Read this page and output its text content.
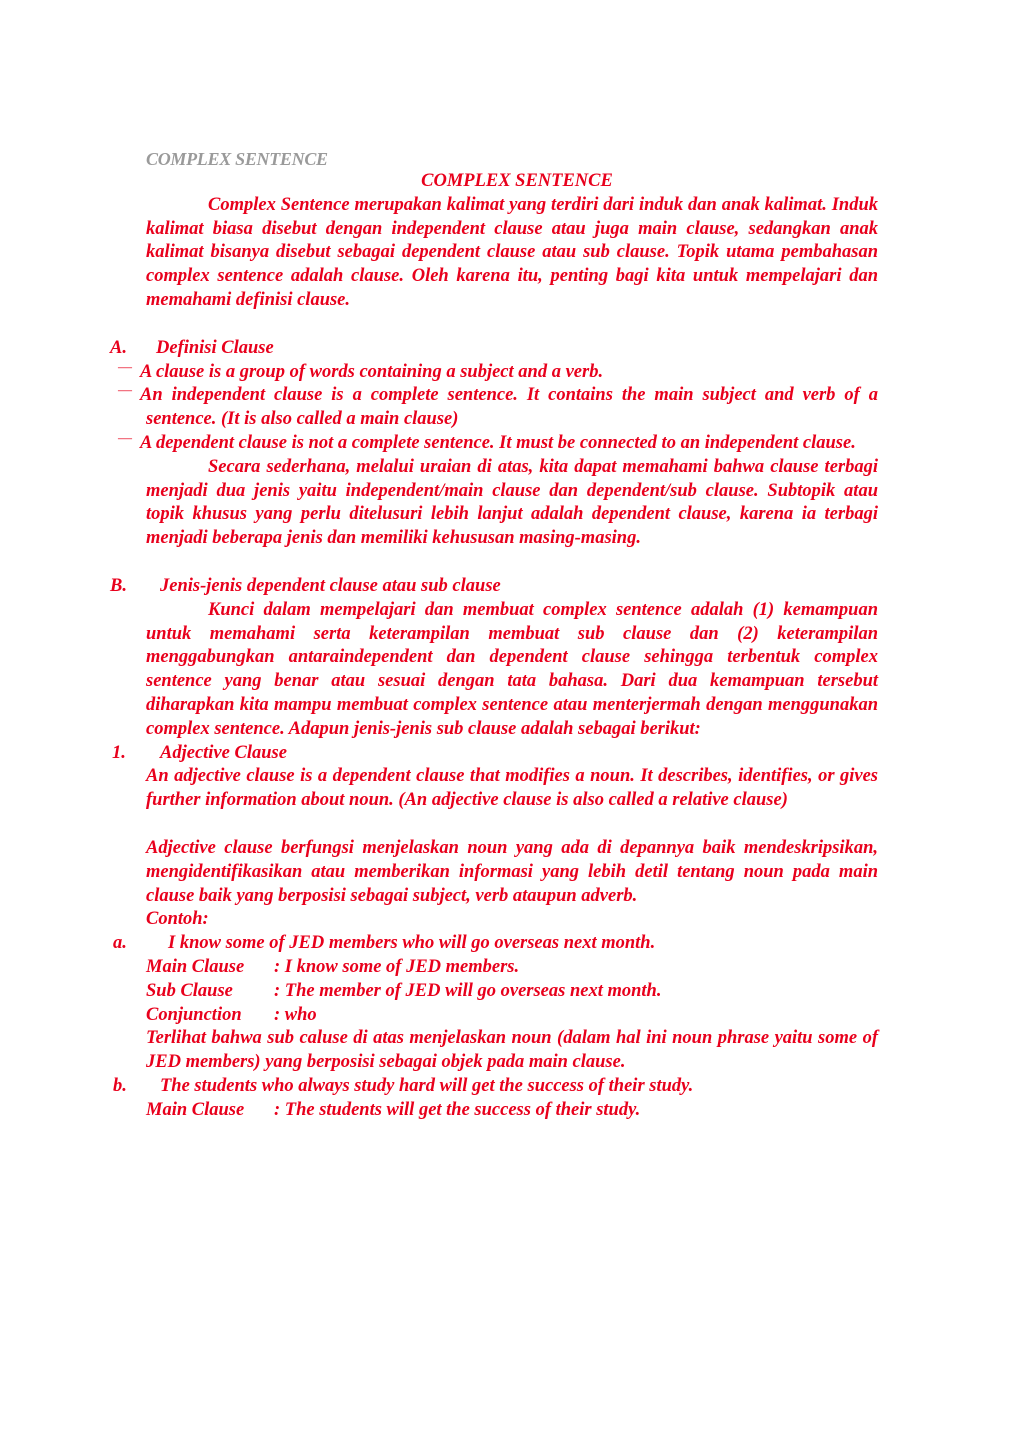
COMPLEX SENTENCE
COMPLEX SENTENCE

Complex Sentence merupakan kalimat yang terdiri dari induk dan anak kalimat. Induk kalimat biasa disebut dengan independent clause atau juga main clause, sedangkan anak kalimat bisanya disebut sebagai dependent clause atau sub clause. Topik utama pembahasan complex sentence adalah clause. Oleh karena itu, penting bagi kita untuk mempelajari dan memahami definisi clause.

A. Definisi Clause
— A clause is a group of words containing a subject and a verb.

— An independent clause is a complete sentence. It contains the main subject and verb of a sentence. (It is also called a main clause)

— A dependent clause is not a complete sentence. It must be connected to an independent clause.

Secara sederhana, melalui uraian di atas, kita dapat memahami bahwa clause terbagi menjadi dua jenis yaitu independent/main clause dan dependent/sub clause. Subtopik atau topik khusus yang perlu ditelusuri lebih lanjut adalah dependent clause, karena ia terbagi menjadi beberapa jenis dan memiliki kehususan masing-masing.

B. Jenis-jenis dependent clause atau sub clause

Kunci dalam mempelajari dan membuat complex sentence adalah (1) kemampuan untuk memahami serta keterampilan membuat sub clause dan (2) keterampilan menggabungkan antaraindependent dan dependent clause sehingga terbentuk complex sentence yang benar atau sesuai dengan tata bahasa. Dari dua kemampuan tersebut diharapkan kita mampu membuat complex sentence atau menterjermah dengan menggunakan complex sentence. Adapun jenis-jenis sub clause adalah sebagai berikut:

1. Adjective Clause

An adjective clause is a dependent clause that modifies a noun. It describes, identifies, or gives further information about noun. (An adjective clause is also called a relative clause)

Adjective clause berfungsi menjelaskan noun yang ada di depannya baik mendeskripsikan, mengidentifikasikan atau memberikan informasi yang lebih detil tentang noun pada main clause baik yang berposisi sebagai subject, verb ataupun adverb.

Contoh:
a. I know some of JED members who will go overseas next month.
Main Clause	: I know some of JED members.
Sub Clause	: The member of JED will go overseas next month.
Conjunction	: who

Terlihat bahwa sub caluse di atas menjelaskan noun (dalam hal ini noun phrase yaitu some of JED members) yang berposisi sebagai objek pada main clause.

b. The students who always study hard will get the success of their study.
Main Clause	: The students will get the success of their study.
